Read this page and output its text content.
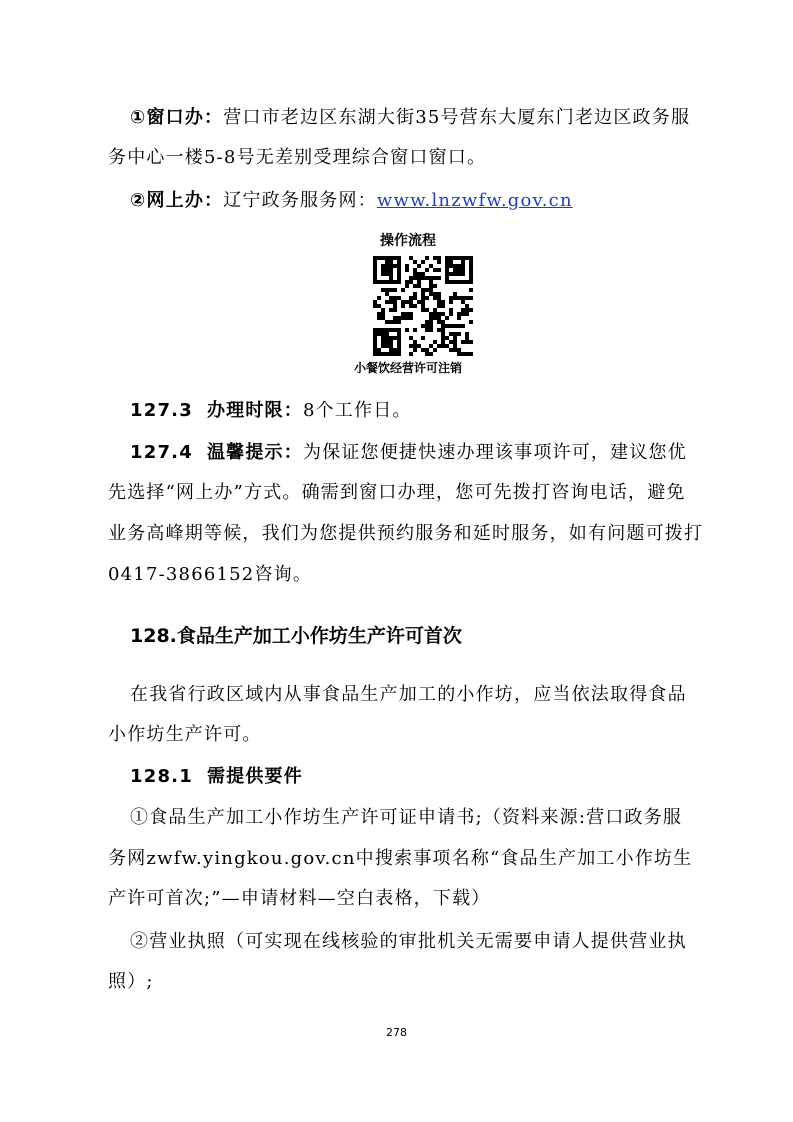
①窗口办：营口市老边区东湖大街35号营东大厦东门老边区政务服
务中心一楼5-8号无差别受理综合窗口窗口。
②网上办：辽宁政务服务网：www.lnzwfw.gov.cn
操作流程
小餐饮经营许可注销
127.3 办理时限：8个工作日。
127.4 温馨提示：为保证您便捷快速办理该事项许可，建议您优
先选择“网上办”方式。确需到窗口办理，您可先拨打咨询电话，避免
业务高峰期等候，我们为您提供预约服务和延时服务，如有问题可拨打
0417-3866152咨询。
128.食品生产加工小作坊生产许可首次
在我省行政区域内从事食品生产加工的小作坊，应当依法取得食品
小作坊生产许可。
128.1 需提供要件
①食品生产加工小作坊生产许可证申请书;（资料来源:营口政务服
务网zwfw.yingkou.gov.cn中搜索事项名称“食品生产加工小作坊生
产许可首次;”—申请材料—空白表格，下载）
②营业执照（可实现在线核验的审批机关无需要申请人提供营业执
照）;
278
